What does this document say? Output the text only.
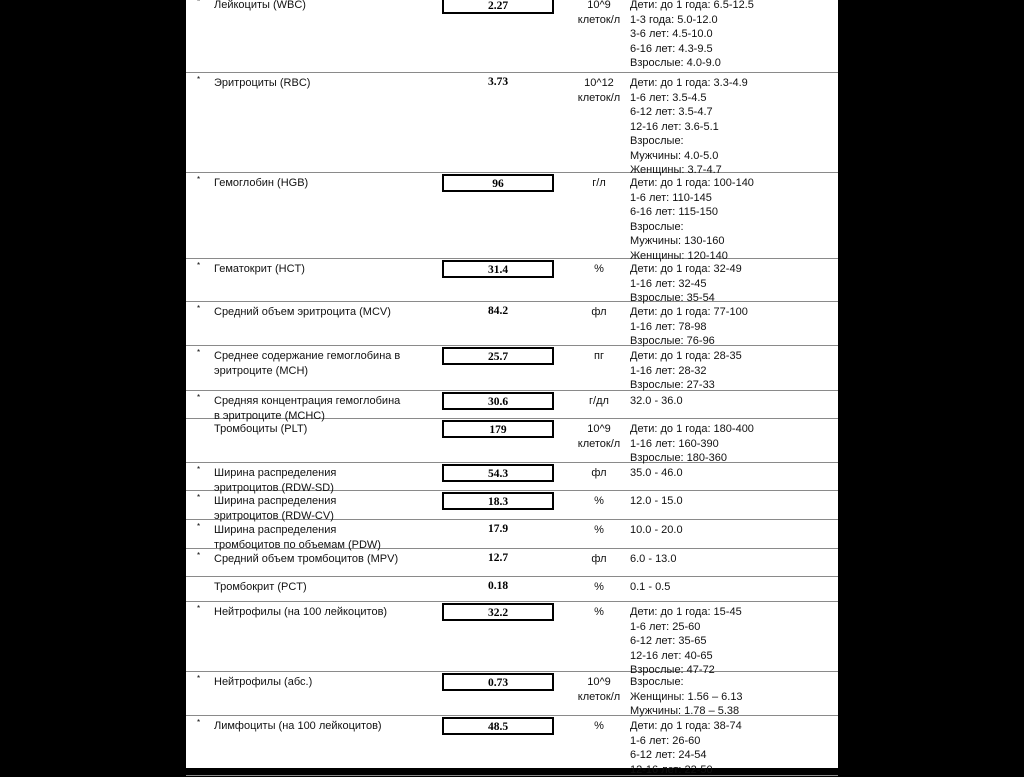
* Лейкоциты (WBC)	2.27	10^9
клеток/л
Дети: до 1 года: 6.5-12.5
1-3 года: 5.0-12.0
3-6 лет: 4.5-10.0
6-16 лет: 4.3-9.5
Взрослые: 4.0-9.0
* Эритроциты (RBC)	3.73	10^12
клеток/л
Дети: до 1 года: 3.3-4.9
1-6 лет: 3.5-4.5
6-12 лет: 3.5-4.7
12-16 лет: 3.6-5.1
Взрослые:
Мужчины: 4.0-5.0
Женщины: 3.7-4.7
* Гемоглобин (HGB)	96	г/л	Дети: до 1 года: 100-140
1-6 лет: 110-145
6-16 лет: 115-150
Взрослые:
Мужчины: 130-160
Женщины: 120-140
* Гематокрит (HCT)	31.4	%	Дети: до 1 года: 32-49
1-16 лет: 32-45
Взрослые: 35-54
* Средний объем эритроцита (MCV)	84.2	фл	Дети: до 1 года: 77-100
1-16 лет: 78-98
Взрослые: 76-96
* Среднее содержание гемоглобина в
эритроците (MCH)
25.7	пг	Дети: до 1 года: 28-35
1-16 лет: 28-32
Взрослые: 27-33
* Средняя концентрация гемоглобина
в эритроците (MCHC)
30.6	г/дл	32.0 - 36.0
Тромбоциты (PLT)	179	10^9
клеток/л
Дети: до 1 года: 180-400
1-16 лет: 160-390
Взрослые: 180-360
* Ширина распределения
эритроцитов (RDW-SD)
54.3	фл	35.0 - 46.0
* Ширина распределения
эритроцитов (RDW-CV)
18.3	%	12.0 - 15.0
* Ширина распределения
тромбоцитов по объемам (PDW)
17.9	%	10.0 - 20.0
* Средний объем тромбоцитов (MPV)	12.7	фл	6.0 - 13.0
Тромбокрит (PCT)	0.18	%	0.1 - 0.5
* Нейтрофилы (на 100 лейкоцитов)	32.2	%	Дети: до 1 года: 15-45
1-6 лет: 25-60
6-12 лет: 35-65
12-16 лет: 40-65
Взрослые: 47-72
* Нейтрофилы (абс.)	0.73	10^9
клеток/л
Взрослые:
Женщины: 1.56 – 6.13
Мужчины: 1.78 – 5.38
* Лимфоциты (на 100 лейкоцитов)	48.5	%	Дети: до 1 года: 38-74
1-6 лет: 26-60
6-12 лет: 24-54
12-16 лет: 22-50
